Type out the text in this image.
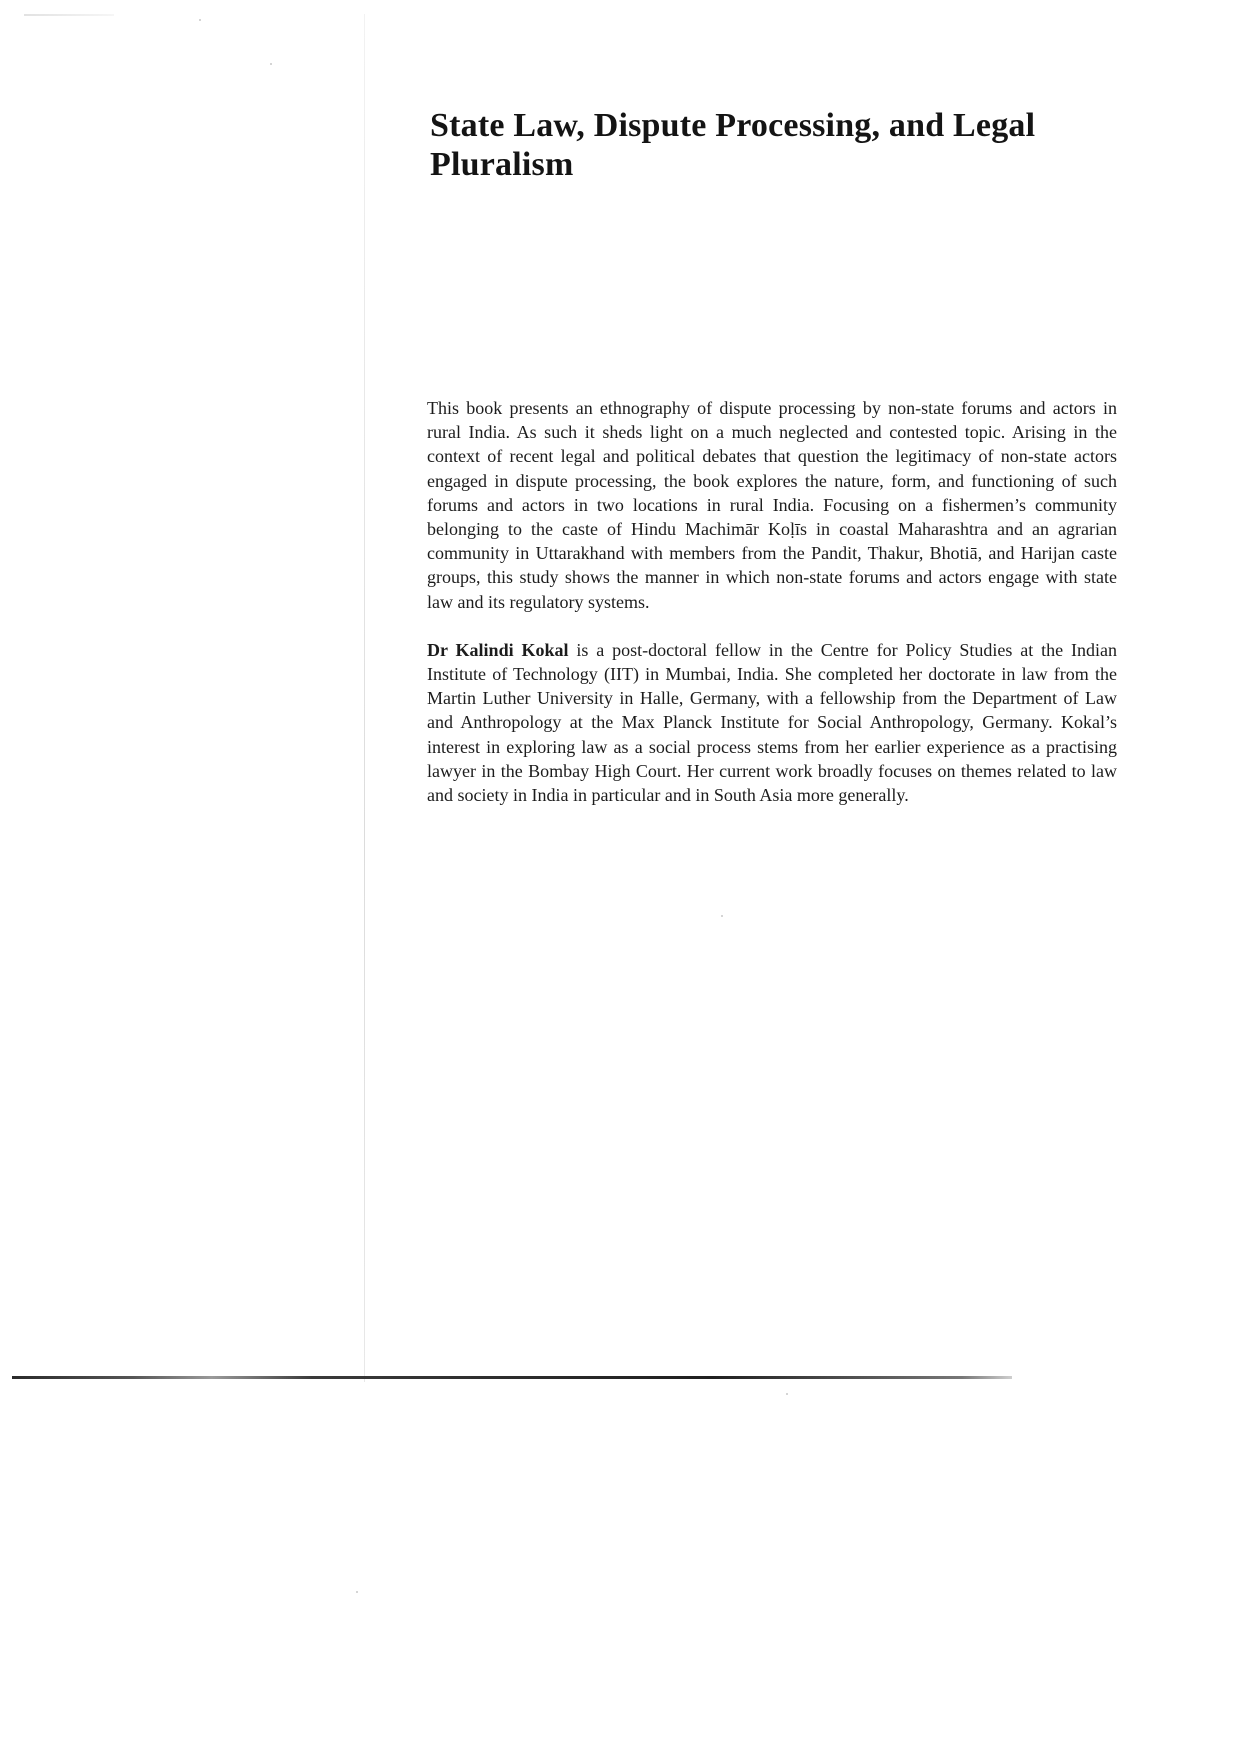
State Law, Dispute Processing, and Legal Pluralism

This book presents an ethnography of dispute processing by non-state forums and actors in rural India. As such it sheds light on a much neglected and contested topic. Arising in the context of recent legal and political debates that question the legitimacy of non-state actors engaged in dispute processing, the book explores the nature, form, and functioning of such forums and actors in two locations in rural India. Focusing on a fishermen’s community belonging to the caste of Hindu Machimār Koḷīs in coastal Maharashtra and an agrarian community in Uttarakhand with members from the Pandit, Thakur, Bhotiā, and Harijan caste groups, this study shows the manner in which non-state forums and actors engage with state law and its regulatory systems.

Dr Kalindi Kokal is a post-doctoral fellow in the Centre for Policy Studies at the Indian Institute of Technology (IIT) in Mumbai, India. She completed her doctorate in law from the Martin Luther University in Halle, Germany, with a fellowship from the Department of Law and Anthropology at the Max Planck Institute for Social Anthropology, Germany. Kokal’s interest in exploring law as a social process stems from her earlier experience as a practising lawyer in the Bombay High Court. Her current work broadly focuses on themes related to law and society in India in particular and in South Asia more generally.
